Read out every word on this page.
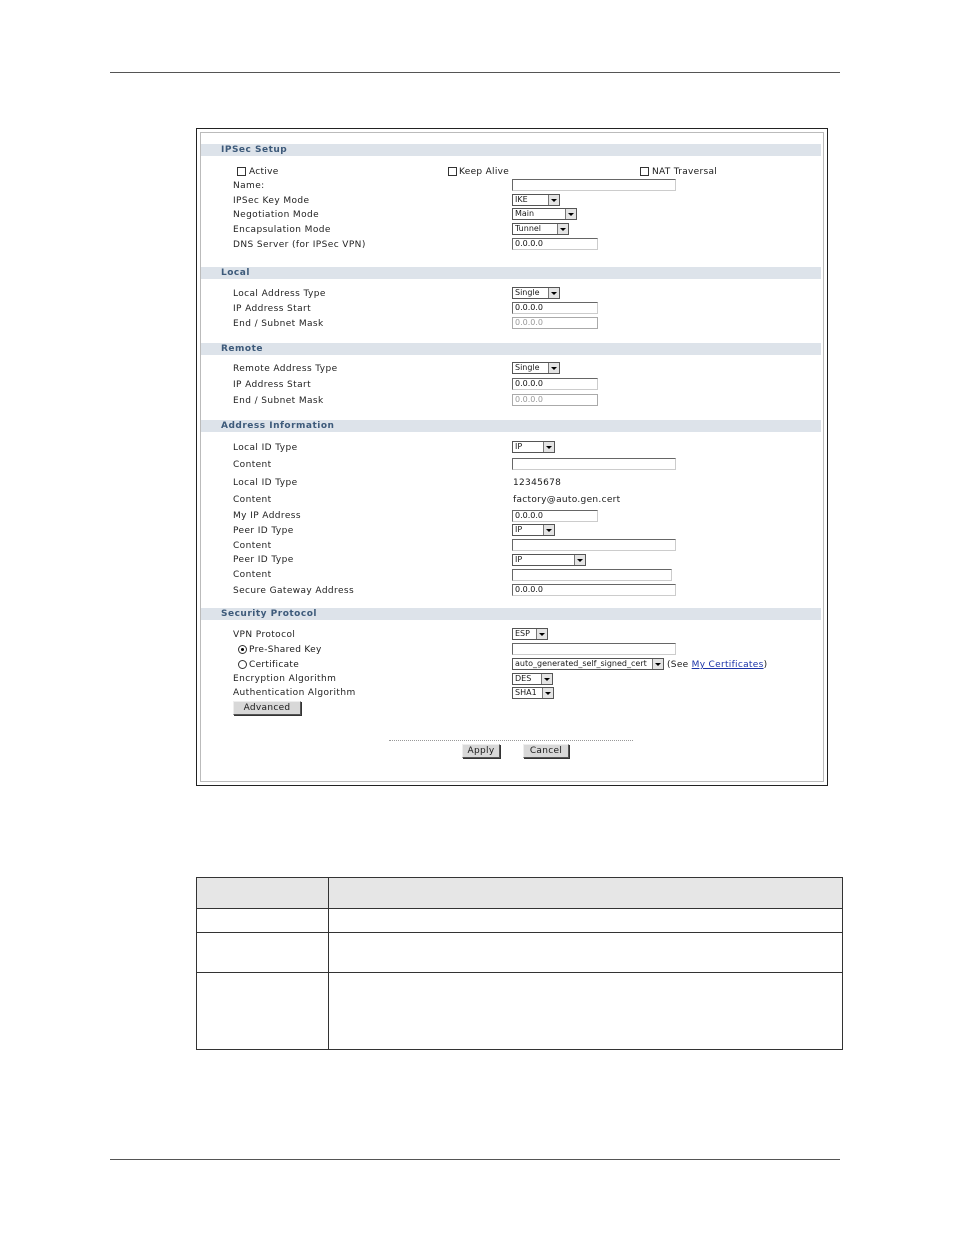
IPSec Setup
Active	Keep Alive	NAT Traversal
Name:
IPSec Key Mode	IKE
Negotiation Mode	Main
Encapsulation Mode	Tunnel
DNS Server (for IPSec VPN)	0.0.0.0
Local
Local Address Type	Single
IP Address Start	0.0.0.0
End / Subnet Mask	0.0.0.0
Remote
Remote Address Type	Single
IP Address Start	0.0.0.0
End / Subnet Mask	0.0.0.0
Address Information
Local ID Type	IP
Content
Local ID Type	12345678
Content	factory@auto.gen.cert
My IP Address	0.0.0.0
Peer ID Type	IP
Content
Peer ID Type	IP
Content
Secure Gateway Address	0.0.0.0
Security Protocol
VPN Protocol	ESP
Pre-Shared Key
Certificate	auto_generated_self_signed_cert	(See My Certificates)
Encryption Algorithm	DES
Authentication Algorithm	SHA1
Advanced
Apply	Cancel
